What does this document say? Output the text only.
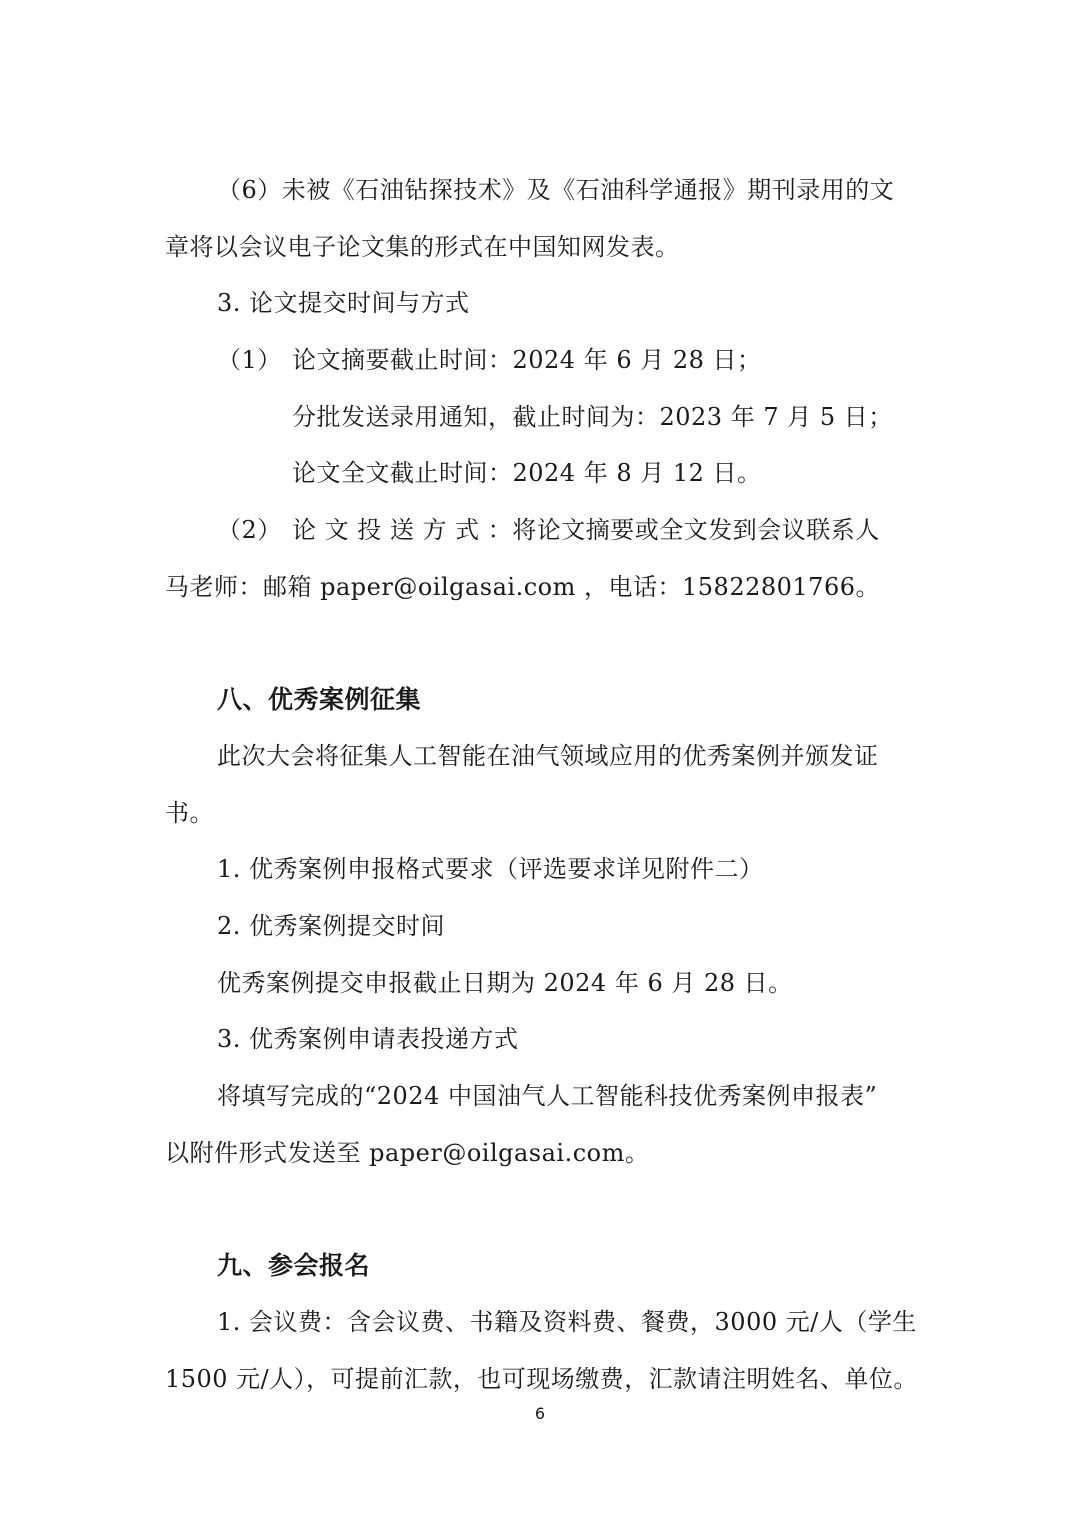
（6）未被《石油钻探技术》及《石油科学通报》期刊录用的文
章将以会议电子论文集的形式在中国知网发表。
3. 论文提交时间与方式
（1） 论文摘要截止时间：2024 年 6 月 28 日；
分批发送录用通知，截止时间为：2023 年 7 月 5 日；
论文全文截止时间：2024 年 8 月 12 日。
（2） 论 文 投 送 方 式 ：将论文摘要或全文发到会议联系人
马老师：邮箱 paper@oilgasai.com ，电话：15822801766。
八、优秀案例征集
此次大会将征集人工智能在油气领域应用的优秀案例并颁发证
书。
1. 优秀案例申报格式要求（评选要求详见附件二）
2. 优秀案例提交时间
优秀案例提交申报截止日期为 2024 年 6 月 28 日。
3. 优秀案例申请表投递方式
将填写完成的“2024 中国油气人工智能科技优秀案例申报表”
以附件形式发送至 paper@oilgasai.com。
九、参会报名
1. 会议费：含会议费、书籍及资料费、餐费，3000 元/人（学生
1500 元/人），可提前汇款，也可现场缴费，汇款请注明姓名、单位。
6
